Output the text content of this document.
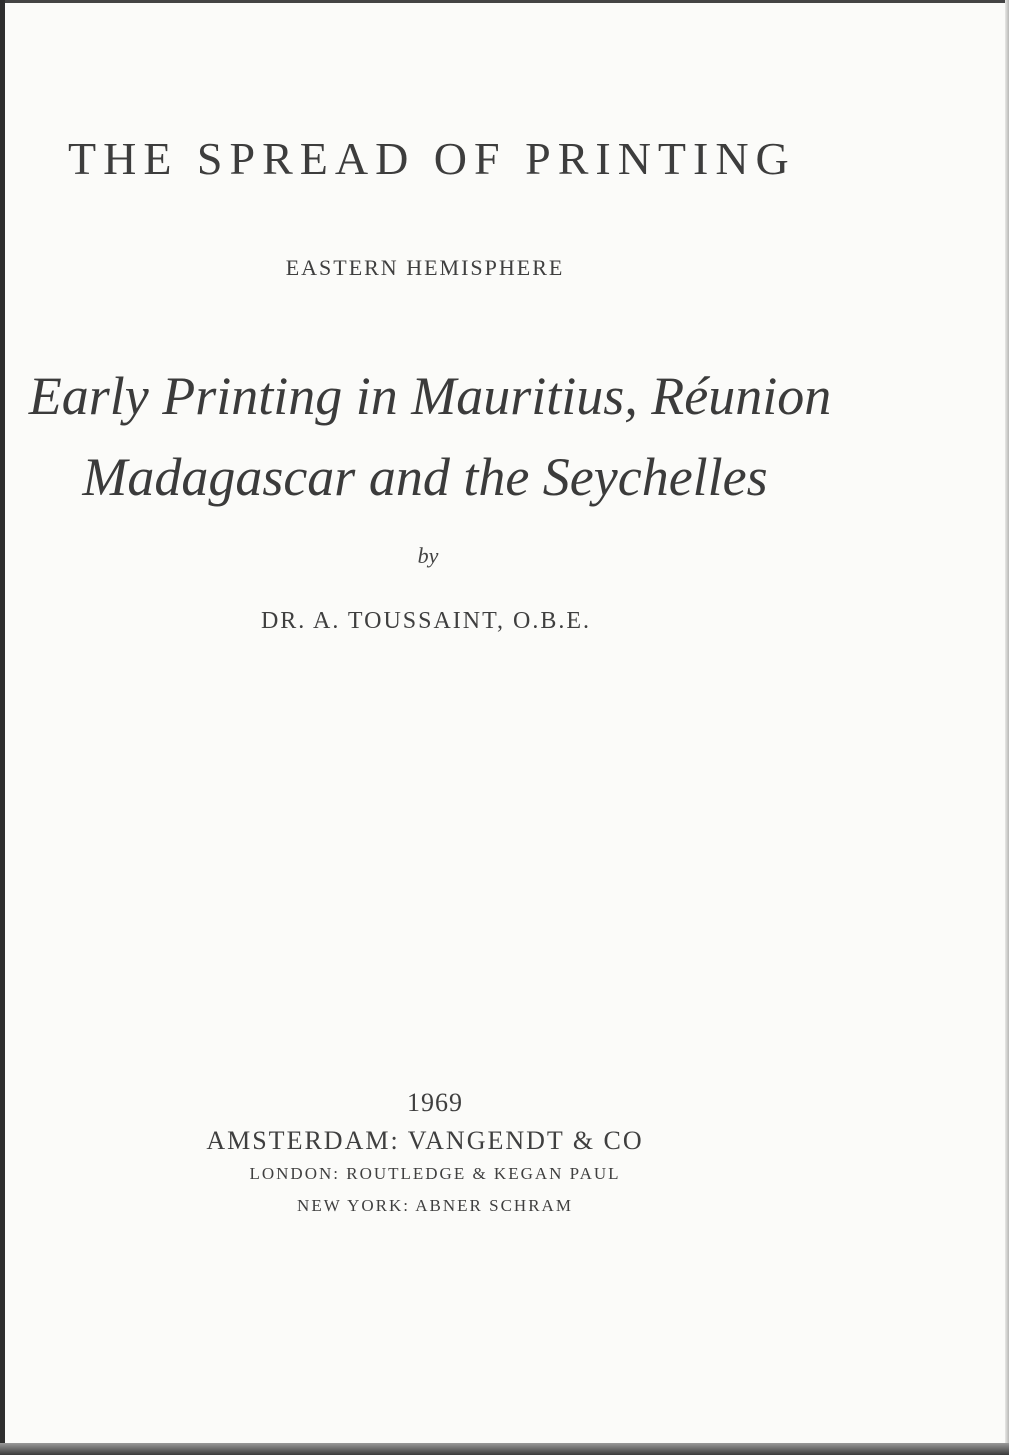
THE SPREAD OF PRINTING
EASTERN HEMISPHERE
Early Printing in Mauritius, Réunion
Madagascar and the Seychelles
by
DR. A. TOUSSAINT, O.B.E.
1969
AMSTERDAM: VANGENDT & CO
LONDON: ROUTLEDGE & KEGAN PAUL
NEW YORK: ABNER SCHRAM
